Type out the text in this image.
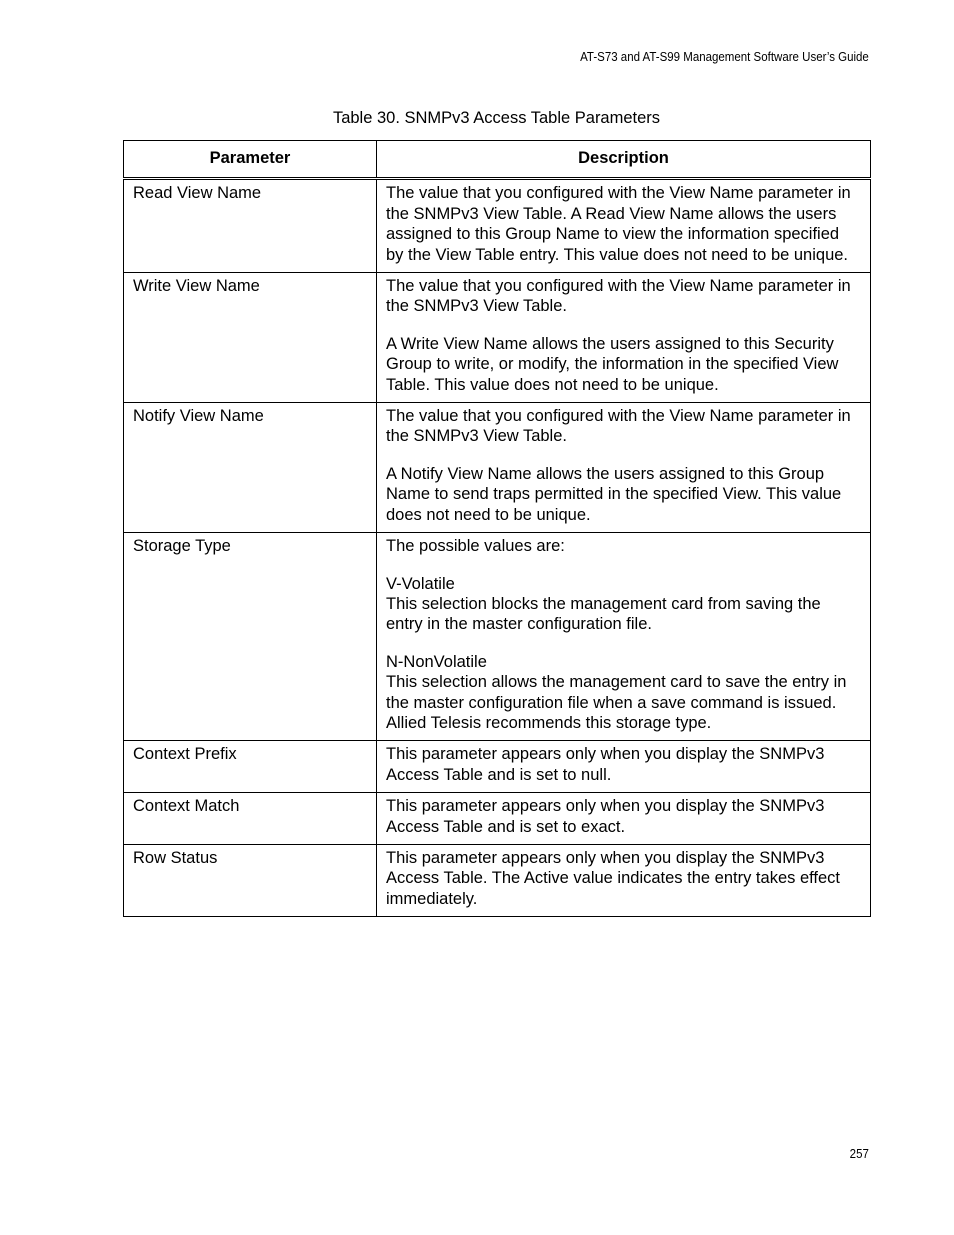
AT-S73 and AT-S99 Management Software User’s Guide
Table 30. SNMPv3 Access Table Parameters
Parameter	Description
Read View Name	The value that you configured with the View Name parameter in the SNMPv3 View Table. A Read View Name allows the users assigned to this Group Name to view the information specified by the View Table entry. This value does not need to be unique.

Write View Name	The value that you configured with the View Name parameter in the SNMPv3 View Table.

A Write View Name allows the users assigned to this Security Group to write, or modify, the information in the specified View Table. This value does not need to be unique.

Notify View Name	The value that you configured with the View Name parameter in the SNMPv3 View Table.

A Notify View Name allows the users assigned to this Group Name to send traps permitted in the specified View. This value does not need to be unique.

Storage Type	The possible values are:

V-Volatile
This selection blocks the management card from saving the entry in the master configuration file.

N-NonVolatile
This selection allows the management card to save the entry in the master configuration file when a save command is issued. Allied Telesis recommends this storage type.

Context Prefix	This parameter appears only when you display the SNMPv3 Access Table and is set to null.

Context Match	This parameter appears only when you display the SNMPv3 Access Table and is set to exact.

Row Status	This parameter appears only when you display the SNMPv3 Access Table. The Active value indicates the entry takes effect immediately.

257
